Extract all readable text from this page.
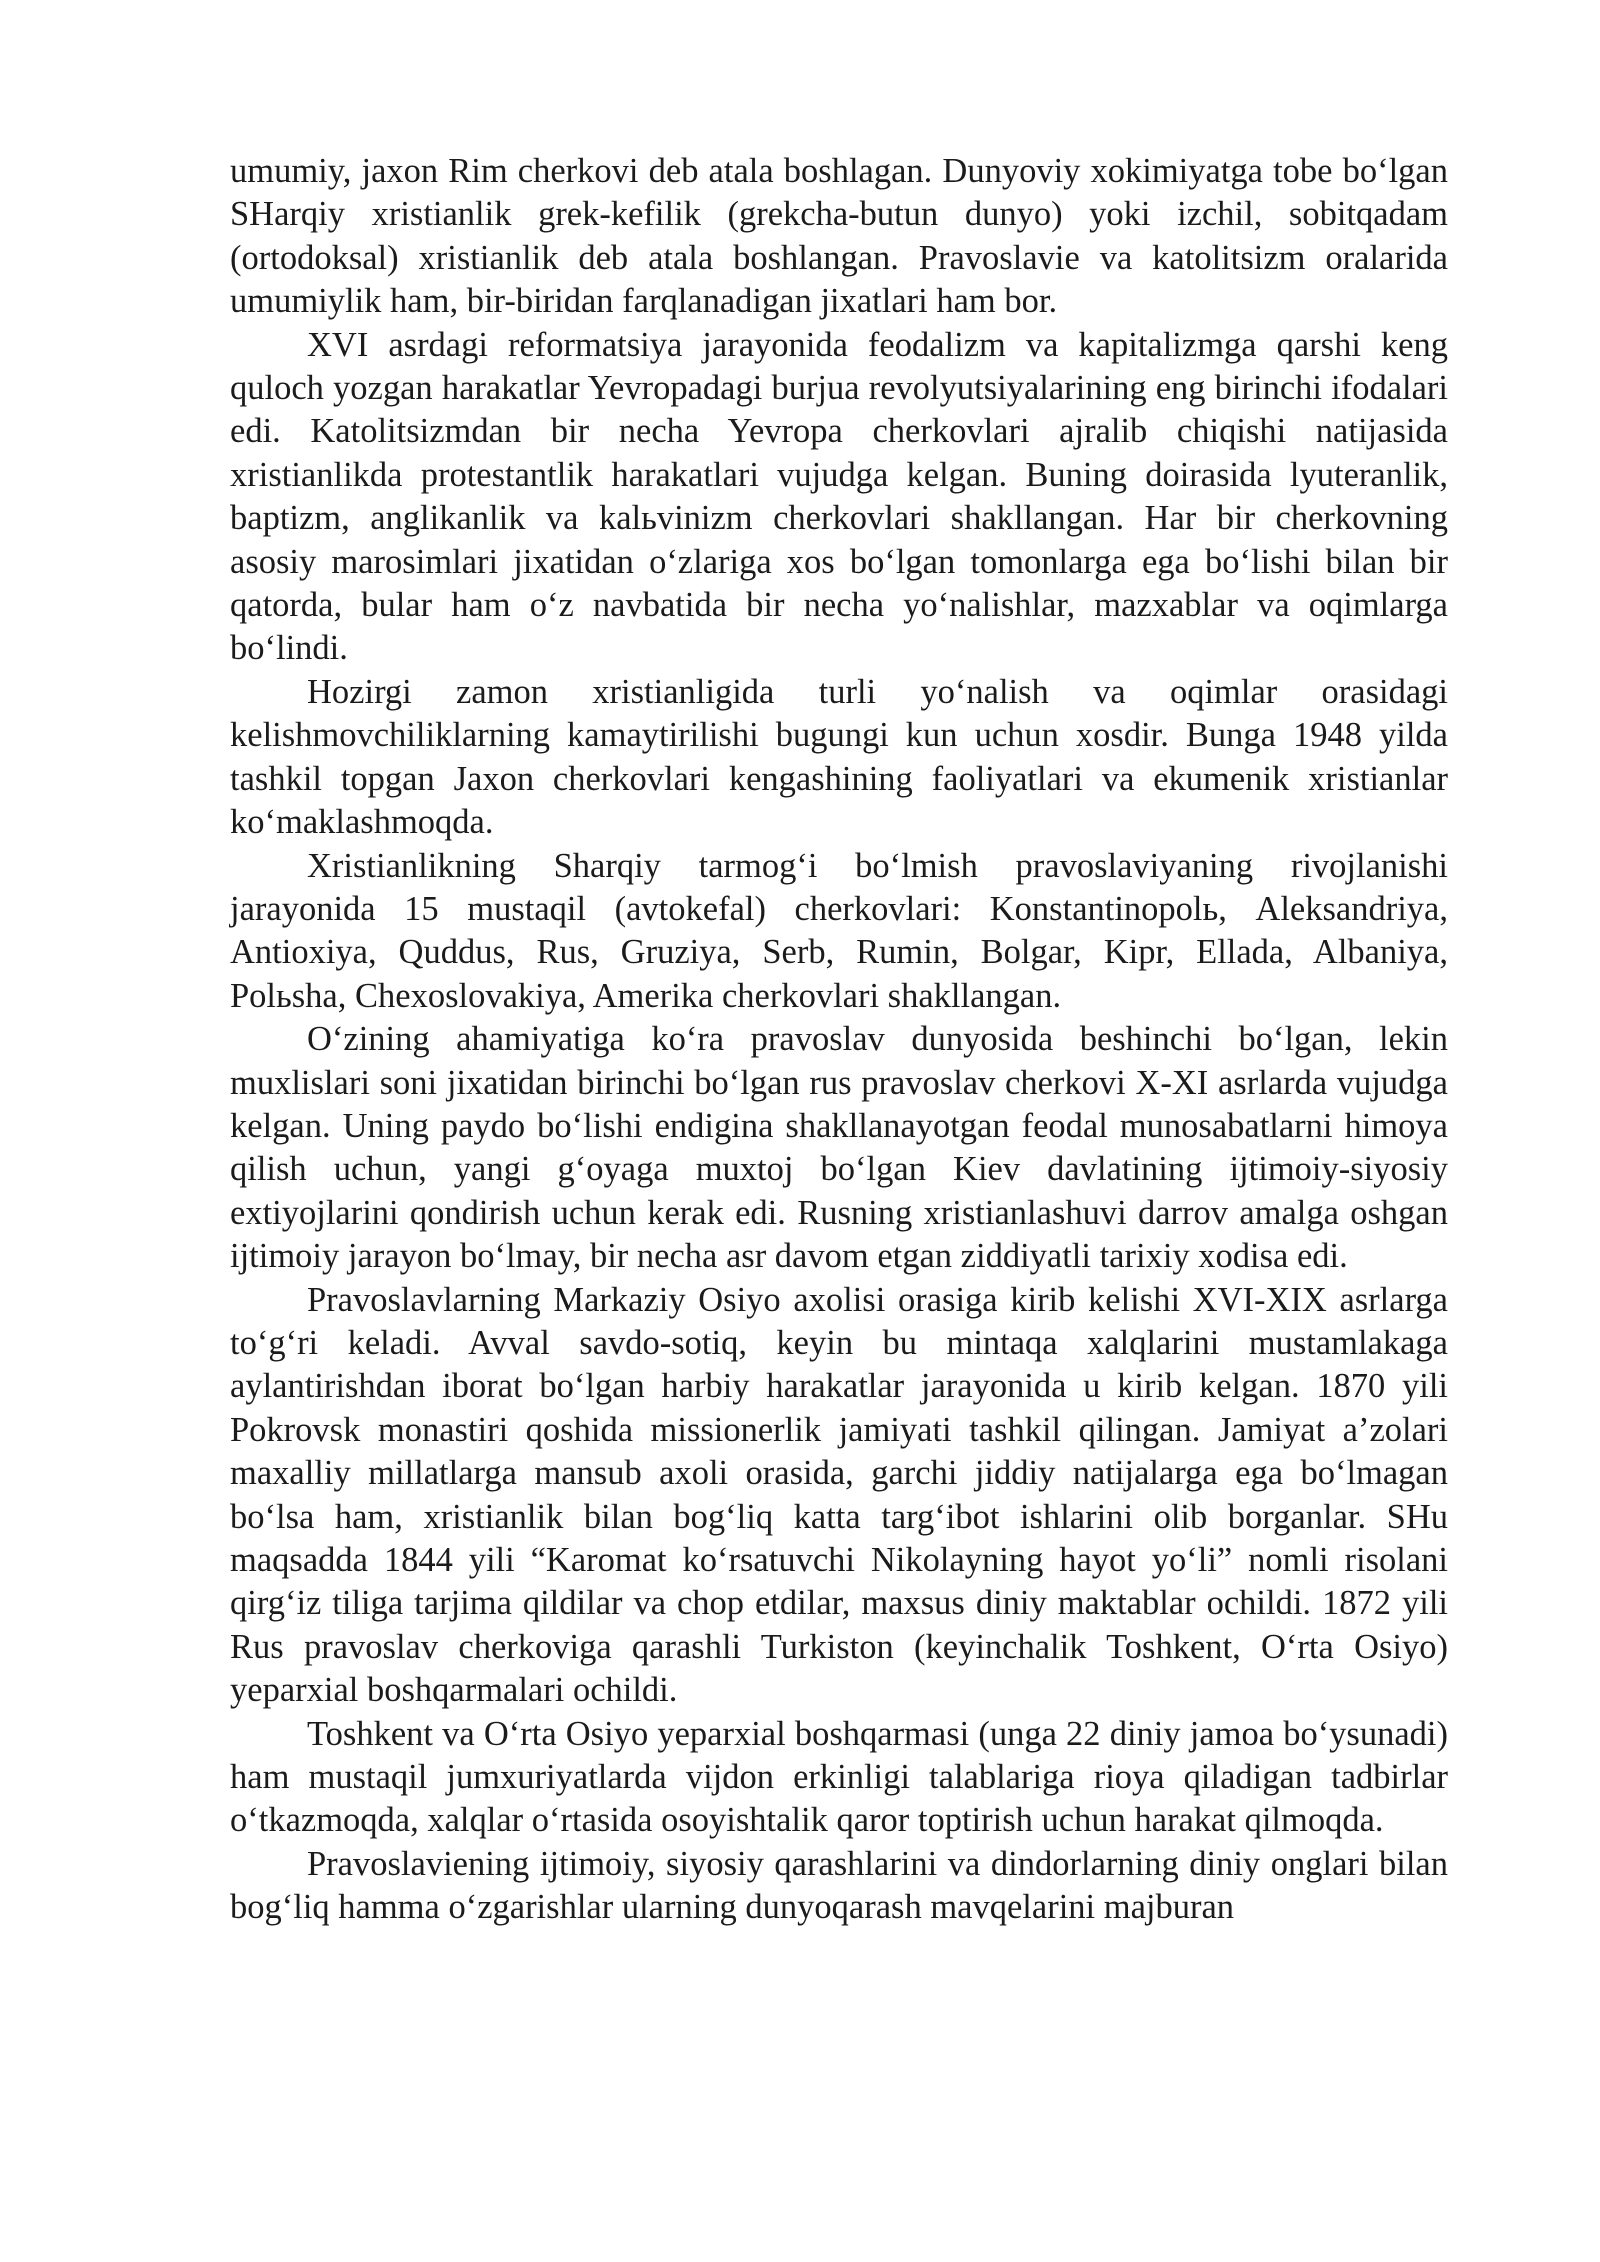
umumiy, jaxon Rim cherkovi deb atala boshlagan. Dunyoviy xokimiyatga tobe boʻlgan SHarqiy xristianlik grek-kefilik (grekcha-butun dunyo) yoki izchil, sobitqadam (ortodoksal) xristianlik deb atala boshlangan. Pravoslavie va katolitsizm oralarida umumiylik ham, bir-biridan farqlanadigan jixatlari ham bor.

XVI asrdagi reformatsiya jarayonida feodalizm va kapitalizmga qarshi keng quloch yozgan harakatlar Yevropadagi burjua revolyutsiyalarining eng birinchi ifodalari edi. Katolitsizmdan bir necha Yevropa cherkovlari ajralib chiqishi natijasida xristianlikda protestantlik harakatlari vujudga kelgan. Buning doirasida lyuteranlik, baptizm, anglikanlik va kalьvinizm cherkovlari shakllangan. Har bir cherkovning asosiy marosimlari jixatidan oʻzlariga xos boʻlgan tomonlarga ega boʻlishi bilan bir qatorda, bular ham oʻz navbatida bir necha yoʻnalishlar, mazxablar va oqimlarga boʻlindi.

Hozirgi zamon xristianligida turli yoʻnalish va oqimlar orasidagi kelishmovchiliklarning kamaytirilishi bugungi kun uchun xosdir. Bunga 1948 yilda tashkil topgan Jaxon cherkovlari kengashining faoliyatlari va ekumenik xristianlar koʻmaklashmoqda.

Xristianlikning Sharqiy tarmogʻi boʻlmish pravoslaviyaning rivojlanishi jarayonida 15 mustaqil (avtokefal) cherkovlari: Konstantinopolь, Aleksandriya, Antioxiya, Quddus, Rus, Gruziya, Serb, Rumin, Bolgar, Kipr, Ellada, Albaniya, Polьsha, Chexoslovakiya, Amerika cherkovlari shakllangan.

Oʻzining ahamiyatiga koʻra pravoslav dunyosida beshinchi boʻlgan, lekin muxlislari soni jixatidan birinchi boʻlgan rus pravoslav cherkovi X-XI asrlarda vujudga kelgan. Uning paydo boʻlishi endigina shakllanayotgan feodal munosabatlarni himoya qilish uchun, yangi gʻoyaga muxtoj boʻlgan Kiev davlatining ijtimoiy-siyosiy extiyojlarini qondirish uchun kerak edi. Rusning xristianlashuvi darrov amalga oshgan ijtimoiy jarayon boʻlmay, bir necha asr davom etgan ziddiyatli tarixiy xodisa edi.

Pravoslavlarning Markaziy Osiyo axolisi orasiga kirib kelishi XVI-XIX asrlarga toʻgʻri keladi. Avval savdo-sotiq, keyin bu mintaqa xalqlarini mustamlakaga aylantirishdan iborat boʻlgan harbiy harakatlar jarayonida u kirib kelgan. 1870 yili Pokrovsk monastiri qoshida missionerlik jamiyati tashkil qilingan. Jamiyat a’zolari maxalliy millatlarga mansub axoli orasida, garchi jiddiy natijalarga ega boʻlmagan boʻlsa ham, xristianlik bilan bogʻliq katta targʻibot ishlarini olib borganlar. SHu maqsadda 1844 yili “Karomat koʻrsatuvchi Nikolayning hayot yoʻli” nomli risolani qirgʻiz tiliga tarjima qildilar va chop etdilar, maxsus diniy maktablar ochildi. 1872 yili Rus pravoslav cherkoviga qarashli Turkiston (keyinchalik Toshkent, Oʻrta Osiyo) yeparxial boshqarmalari ochildi.

Toshkent va Oʻrta Osiyo yeparxial boshqarmasi (unga 22 diniy jamoa boʻysunadi) ham mustaqil jumxuriyatlarda vijdon erkinligi talablariga rioya qiladigan tadbirlar oʻtkazmoqda, xalqlar oʻrtasida osoyishtalik qaror toptirish uchun harakat qilmoqda.

Pravoslaviening ijtimoiy, siyosiy qarashlarini va dindorlarning diniy onglari bilan bogʻliq hamma oʻzgarishlar ularning dunyoqarash mavqelarini majburan
